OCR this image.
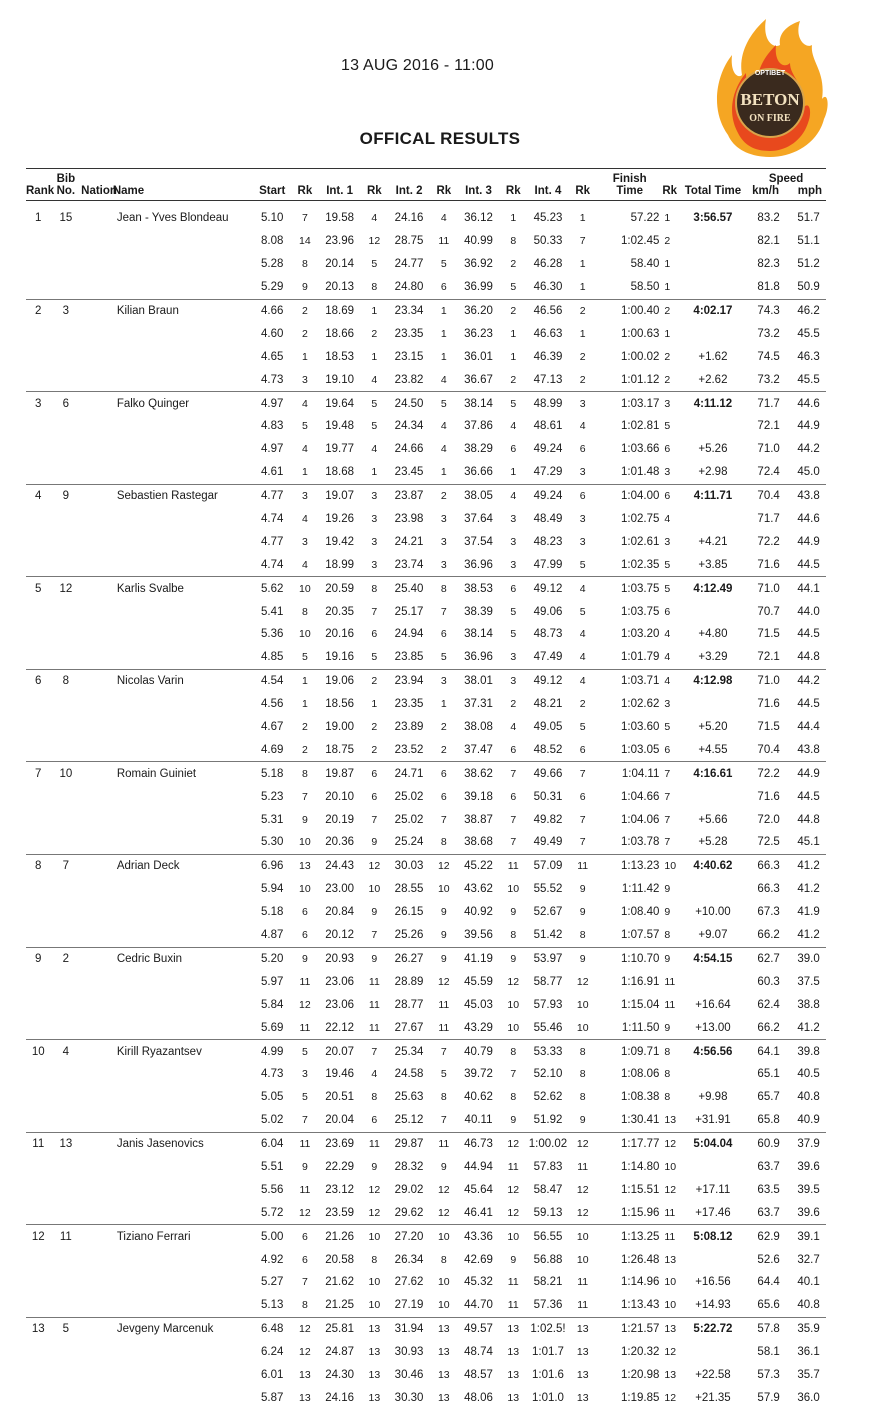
13 AUG 2016 - 11:00
OFFICAL RESULTS
OPTIBET
BETON
ON FIRE
Rank	Bib
No.	Nation	Name	Start	Rk	Int. 1	Rk	Int. 2	Rk	Int. 3	Rk	Int. 4	Rk	Finish
Time	Rk	Total Time	Speed
km/h mph	

1	15		Jean - Yves Blondeau	5.10	7	19.58	4	24.16	4	36.12	1	45.23	1	57.22	1	3:56.57	83.2	51.7
				8.08	14	23.96	12	28.75	11	40.99	8	50.33	7	1:02.45	2		82.1	51.1
				5.28	8	20.14	5	24.77	5	36.92	2	46.28	1	58.40	1		82.3	51.2
				5.29	9	20.13	8	24.80	6	36.99	5	46.30	1	58.50	1		81.8	50.9
2	3		Kilian Braun	4.66	2	18.69	1	23.34	1	36.20	2	46.56	2	1:00.40	2	4:02.17	74.3	46.2
				4.60	2	18.66	2	23.35	1	36.23	1	46.63	1	1:00.63	1		73.2	45.5
				4.65	1	18.53	1	23.15	1	36.01	1	46.39	2	1:00.02	2	+1.62	74.5	46.3
				4.73	3	19.10	4	23.82	4	36.67	2	47.13	2	1:01.12	2	+2.62	73.2	45.5
3	6		Falko Quinger	4.97	4	19.64	5	24.50	5	38.14	5	48.99	3	1:03.17	3	4:11.12	71.7	44.6
				4.83	5	19.48	5	24.34	4	37.86	4	48.61	4	1:02.81	5		72.1	44.9
				4.97	4	19.77	4	24.66	4	38.29	6	49.24	6	1:03.66	6	+5.26	71.0	44.2
				4.61	1	18.68	1	23.45	1	36.66	1	47.29	3	1:01.48	3	+2.98	72.4	45.0
4	9		Sebastien Rastegar	4.77	3	19.07	3	23.87	2	38.05	4	49.24	6	1:04.00	6	4:11.71	70.4	43.8
				4.74	4	19.26	3	23.98	3	37.64	3	48.49	3	1:02.75	4		71.7	44.6
				4.77	3	19.42	3	24.21	3	37.54	3	48.23	3	1:02.61	3	+4.21	72.2	44.9
				4.74	4	18.99	3	23.74	3	36.96	3	47.99	5	1:02.35	5	+3.85	71.6	44.5
5	12		Karlis Svalbe	5.62	10	20.59	8	25.40	8	38.53	6	49.12	4	1:03.75	5	4:12.49	71.0	44.1
				5.41	8	20.35	7	25.17	7	38.39	5	49.06	5	1:03.75	6		70.7	44.0
				5.36	10	20.16	6	24.94	6	38.14	5	48.73	4	1:03.20	4	+4.80	71.5	44.5
				4.85	5	19.16	5	23.85	5	36.96	3	47.49	4	1:01.79	4	+3.29	72.1	44.8
6	8		Nicolas Varin	4.54	1	19.06	2	23.94	3	38.01	3	49.12	4	1:03.71	4	4:12.98	71.0	44.2
				4.56	1	18.56	1	23.35	1	37.31	2	48.21	2	1:02.62	3		71.6	44.5
				4.67	2	19.00	2	23.89	2	38.08	4	49.05	5	1:03.60	5	+5.20	71.5	44.4
				4.69	2	18.75	2	23.52	2	37.47	6	48.52	6	1:03.05	6	+4.55	70.4	43.8
7	10		Romain Guiniet	5.18	8	19.87	6	24.71	6	38.62	7	49.66	7	1:04.11	7	4:16.61	72.2	44.9
				5.23	7	20.10	6	25.02	6	39.18	6	50.31	6	1:04.66	7		71.6	44.5
				5.31	9	20.19	7	25.02	7	38.87	7	49.82	7	1:04.06	7	+5.66	72.0	44.8
				5.30	10	20.36	9	25.24	8	38.68	7	49.49	7	1:03.78	7	+5.28	72.5	45.1
8	7		Adrian Deck	6.96	13	24.43	12	30.03	12	45.22	11	57.09	11	1:13.23	10	4:40.62	66.3	41.2
				5.94	10	23.00	10	28.55	10	43.62	10	55.52	9	1:11.42	9		66.3	41.2
				5.18	6	20.84	9	26.15	9	40.92	9	52.67	9	1:08.40	9	+10.00	67.3	41.9
				4.87	6	20.12	7	25.26	9	39.56	8	51.42	8	1:07.57	8	+9.07	66.2	41.2
9	2		Cedric Buxin	5.20	9	20.93	9	26.27	9	41.19	9	53.97	9	1:10.70	9	4:54.15	62.7	39.0
				5.97	11	23.06	11	28.89	12	45.59	12	58.77	12	1:16.91	11		60.3	37.5
				5.84	12	23.06	11	28.77	11	45.03	10	57.93	10	1:15.04	11	+16.64	62.4	38.8
				5.69	11	22.12	11	27.67	11	43.29	10	55.46	10	1:11.50	9	+13.00	66.2	41.2
10	4		Kirill Ryazantsev	4.99	5	20.07	7	25.34	7	40.79	8	53.33	8	1:09.71	8	4:56.56	64.1	39.8
				4.73	3	19.46	4	24.58	5	39.72	7	52.10	8	1:08.06	8		65.1	40.5
				5.05	5	20.51	8	25.63	8	40.62	8	52.62	8	1:08.38	8	+9.98	65.7	40.8
				5.02	7	20.04	6	25.12	7	40.11	9	51.92	9	1:30.41	13	+31.91	65.8	40.9
11	13		Janis Jasenovics	6.04	11	23.69	11	29.87	11	46.73	12	1:00.02	12	1:17.77	12	5:04.04	60.9	37.9
				5.51	9	22.29	9	28.32	9	44.94	11	57.83	11	1:14.80	10		63.7	39.6
				5.56	11	23.12	12	29.02	12	45.64	12	58.47	12	1:15.51	12	+17.11	63.5	39.5
				5.72	12	23.59	12	29.62	12	46.41	12	59.13	12	1:15.96	11	+17.46	63.7	39.6
12	11		Tiziano Ferrari	5.00	6	21.26	10	27.20	10	43.36	10	56.55	10	1:13.25	11	5:08.12	62.9	39.1
				4.92	6	20.58	8	26.34	8	42.69	9	56.88	10	1:26.48	13		52.6	32.7
				5.27	7	21.62	10	27.62	10	45.32	11	58.21	11	1:14.96	10	+16.56	64.4	40.1
				5.13	8	21.25	10	27.19	10	44.70	11	57.36	11	1:13.43	10	+14.93	65.6	40.8
13	5		Jevgeny Marcenuk	6.48	12	25.81	13	31.94	13	49.57	13	1:02.5!	13	1:21.57	13	5:22.72	57.8	35.9
				6.24	12	24.87	13	30.93	13	48.74	13	1:01.7	13	1:20.32	12		58.1	36.1
				6.01	13	24.30	13	30.46	13	48.57	13	1:01.6	13	1:20.98	13	+22.58	57.3	35.7
				5.87	13	24.16	13	30.30	13	48.06	13	1:01.0	13	1:19.85	12	+21.35	57.9	36.0
